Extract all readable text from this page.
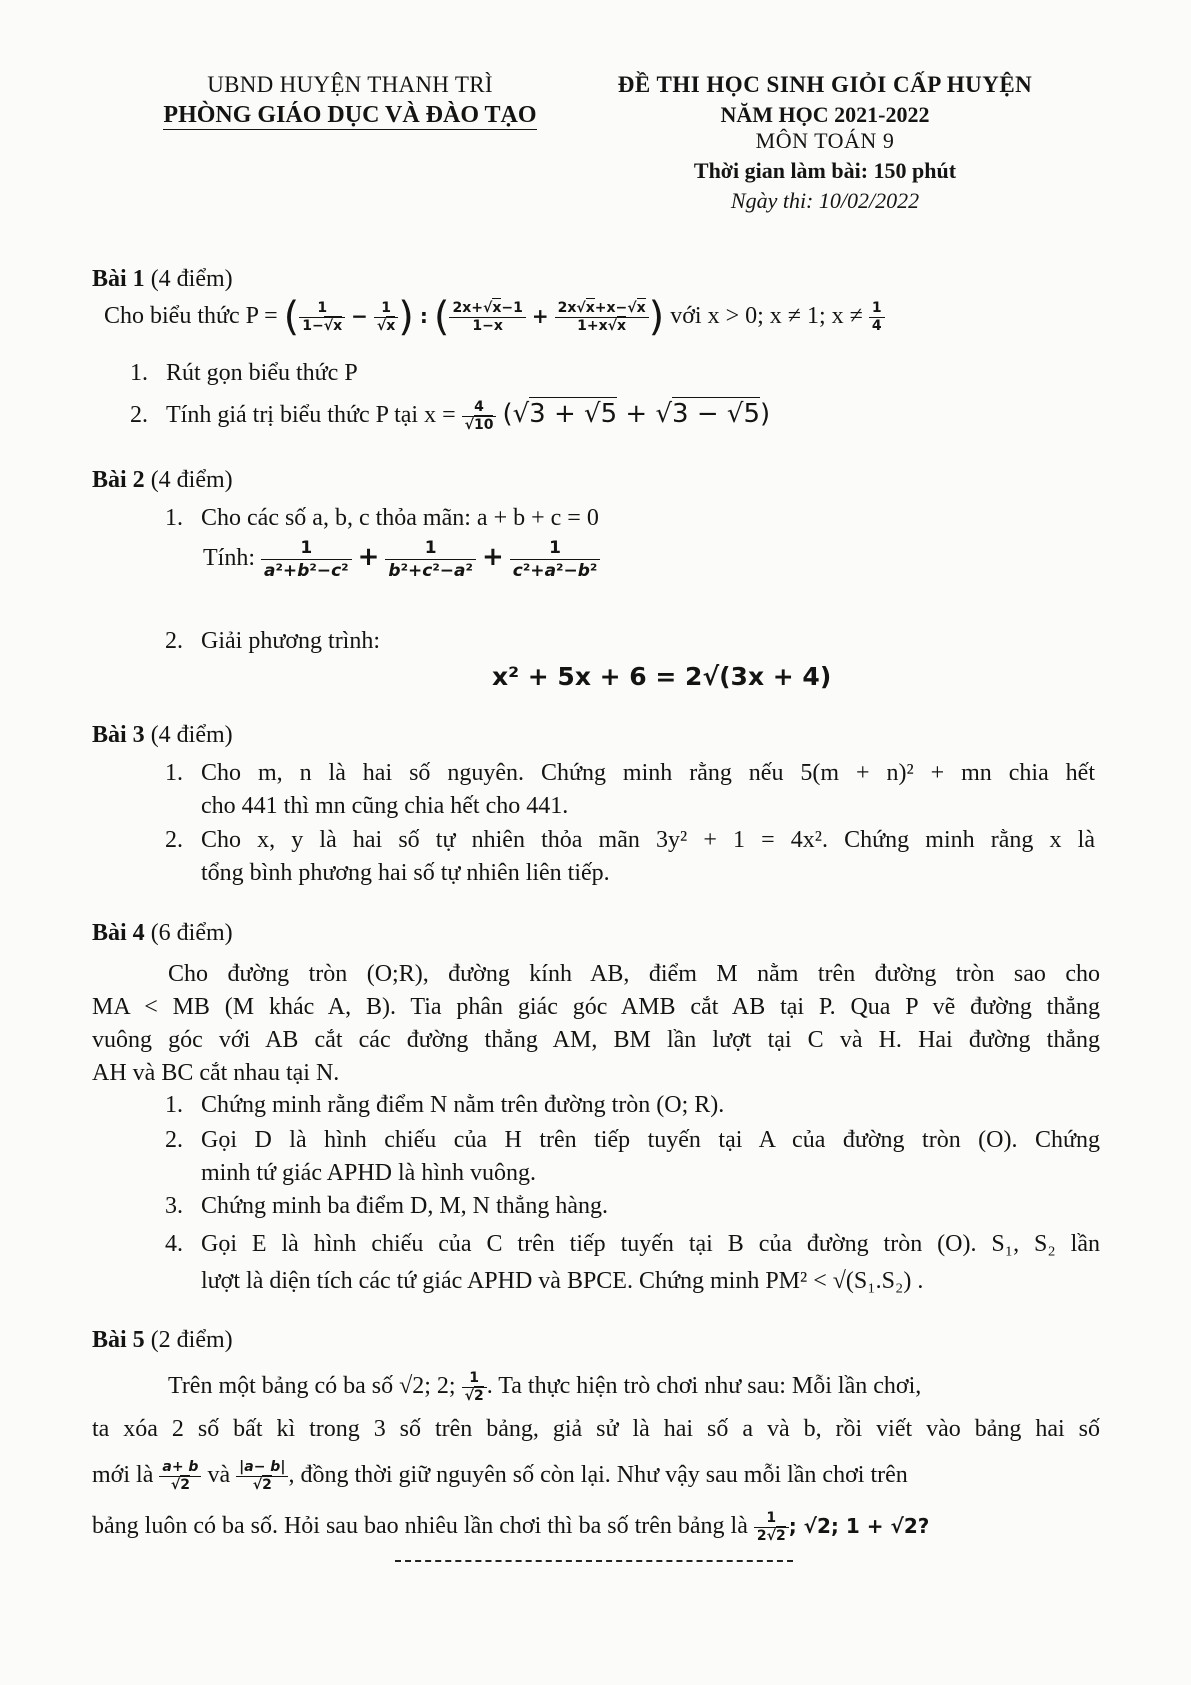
UBND HUYỆN THANH TRÌ
PHÒNG GIÁO DỤC VÀ ĐÀO TẠO
ĐỀ THI HỌC SINH GIỎI CẤP HUYỆN
NĂM HỌC 2021-2022
MÔN TOÁN 9
Thời gian làm bài: 150 phút
Ngày thi: 10/02/2022
Bài 1 (4 điểm)
Cho biểu thức P = ( $\frac{1}{1-√x} - \frac{1}{√x}$ ) : ( $\frac{2x+√x-1}{1-x} + \frac{2x√x+x-√x}{1+x√x}$ ) với x > 0; x ≠ 1; $x \ne \frac{1}{4}$
1. Rút gọn biểu thức P
2. Tính giá trị biểu thức P tại $x = \frac{4}{√10} (√3 + √5 + √3 - √5)$
Bài 2 (4 điểm)
1. Cho các số a, b, c thỏa mãn: a + b + c = 0
Tính: $\frac{1}{\text{a²+b²−c²}} + \frac{1}{\text{b²+c²−a²}} + \frac{1}{\text{c²+a²−b²}}$
2. Giải phương trình:
x² + 5x + 6 = 2√(3x + 4)
Bài 3 (4 điểm)
1. Cho m, n là hai số nguyên. Chứng minh rằng nếu 5(m + n)² + mn chia hết
cho 441 thì mn cũng chia hết cho 441.
2. Cho x, y là hai số tự nhiên thỏa mãn 3y² + 1 = 4x². Chứng minh rằng x là
tổng bình phương hai số tự nhiên liên tiếp.
Bài 4 (6 điểm)
Cho đường tròn (O;R), đường kính AB, điểm M nằm trên đường tròn sao cho
MA < MB (M khác A, B). Tia phân giác góc AMB cắt AB tại P. Qua P vẽ đường thẳng
vuông góc với AB cắt các đường thẳng AM, BM lần lượt tại C và H. Hai đường thẳng
AH và BC cắt nhau tại N.
1. Chứng minh rằng điểm N nằm trên đường tròn (O; R).
2. Gọi D là hình chiếu của H trên tiếp tuyến tại A của đường tròn (O). Chứng
minh tứ giác APHD là hình vuông.
3. Chứng minh ba điểm D, M, N thẳng hàng.
4. Gọi E là hình chiếu của C trên tiếp tuyến tại B của đường tròn (O). S₁, S₂ lần
lượt là diện tích các tứ giác APHD và BPCE. Chứng minh PM² < √(S₁.S₂) .
Bài 5 (2 điểm)
Trên một bảng có ba số √2; 2; $\frac{1}{√2}$ . Ta thực hiện trò chơi như sau: Mỗi lần chơi,
ta xóa 2 số bất kì trong 3 số trên bảng, giả sử là hai số a và b, rồi viết vào bảng hai số
mới là $\frac{a+ b}{√2}$ và $\frac{|a- b|}{√2}$ , đồng thời giữ nguyên số còn lại. Như vậy sau mỗi lần chơi trên
bảng luôn có ba số. Hỏi sau bao nhiêu lần chơi thì ba số trên bảng là $\frac{1}{2√2}$ ; √2; 1 + √2?
